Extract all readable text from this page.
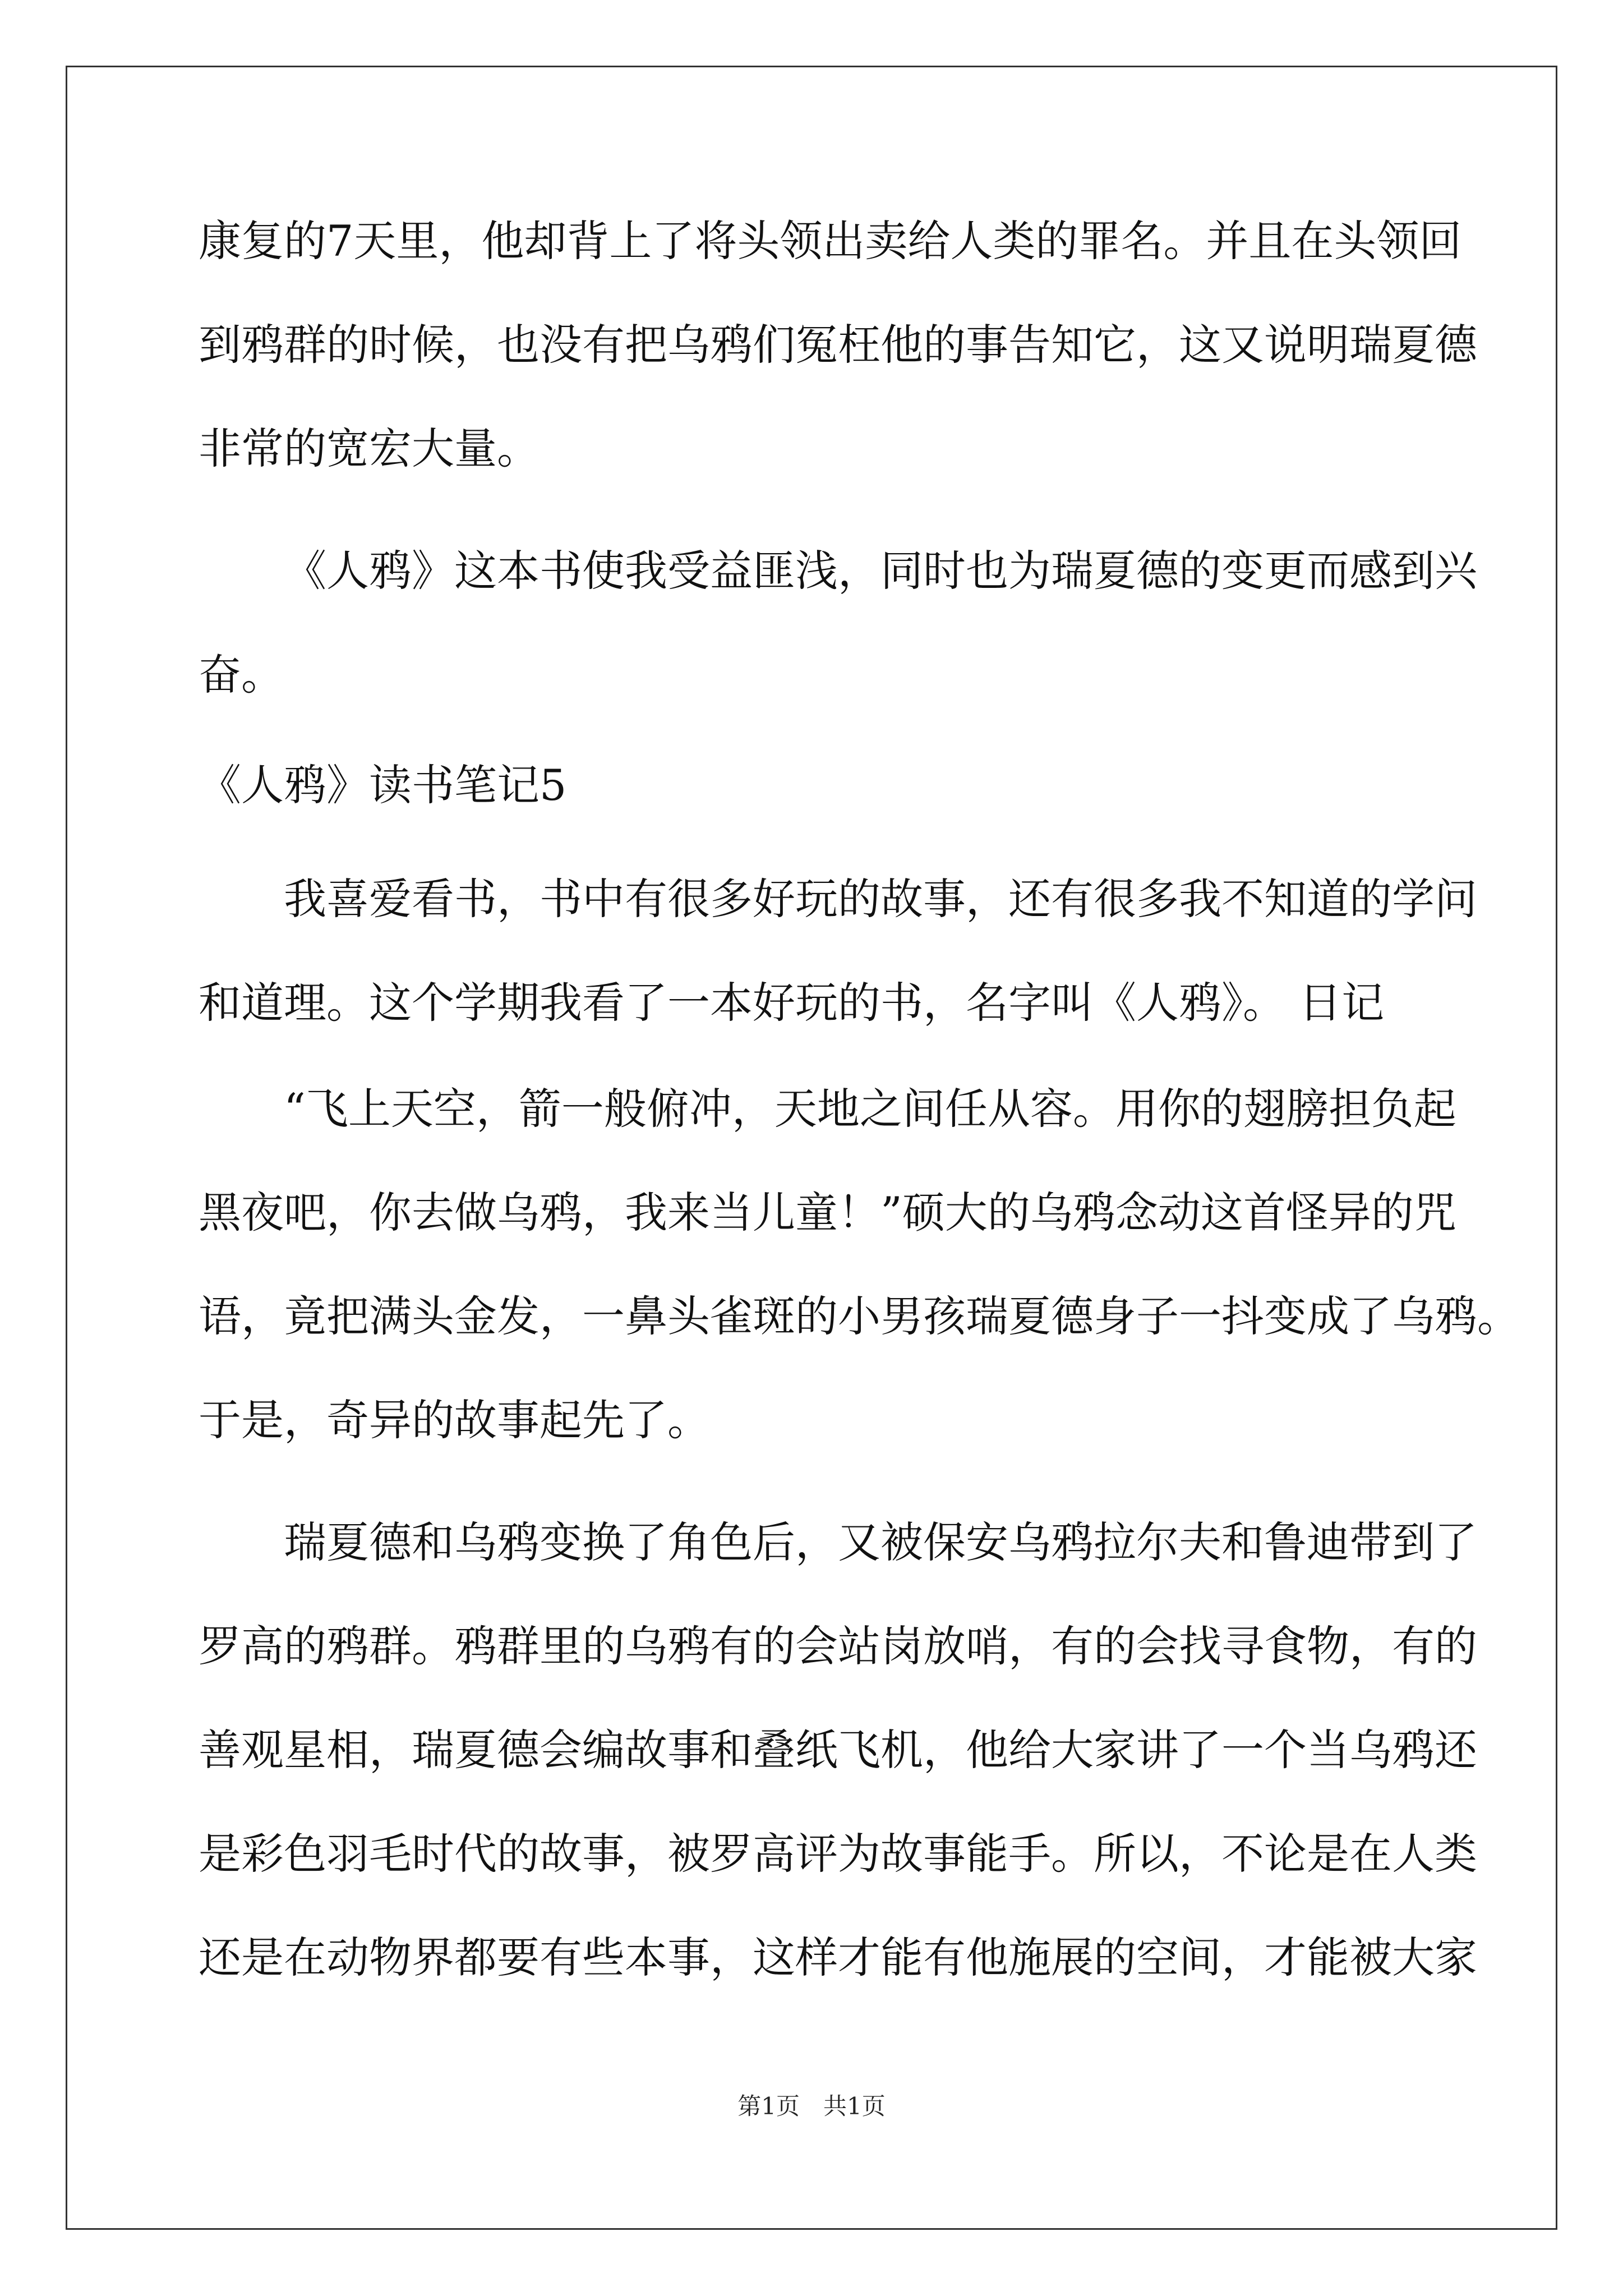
康复的7天里，他却背上了将头领出卖给人类的罪名。并且在头领回
到鸦群的时候，也没有把乌鸦们冤枉他的事告知它，这又说明瑞夏德
非常的宽宏大量。
《人鸦》这本书使我受益匪浅，同时也为瑞夏德的变更而感到兴
奋。
《人鸦》读书笔记5
我喜爱看书，书中有很多好玩的故事，还有很多我不知道的学问
和道理。这个学期我看了一本好玩的书，名字叫《人鸦》。 日记
“飞上天空，箭一般俯冲，天地之间任从容。用你的翅膀担负起
黑夜吧，你去做乌鸦，我来当儿童！”硕大的乌鸦念动这首怪异的咒
语，竟把满头金发，一鼻头雀斑的小男孩瑞夏德身子一抖变成了乌鸦。
于是，奇异的故事起先了。
瑞夏德和乌鸦变换了角色后，又被保安乌鸦拉尔夫和鲁迪带到了
罗高的鸦群。鸦群里的乌鸦有的会站岗放哨，有的会找寻食物，有的
善观星相，瑞夏德会编故事和叠纸飞机，他给大家讲了一个当乌鸦还
是彩色羽毛时代的故事，被罗高评为故事能手。所以，不论是在人类
还是在动物界都要有些本事，这样才能有他施展的空间，才能被大家
第1页　共1页
